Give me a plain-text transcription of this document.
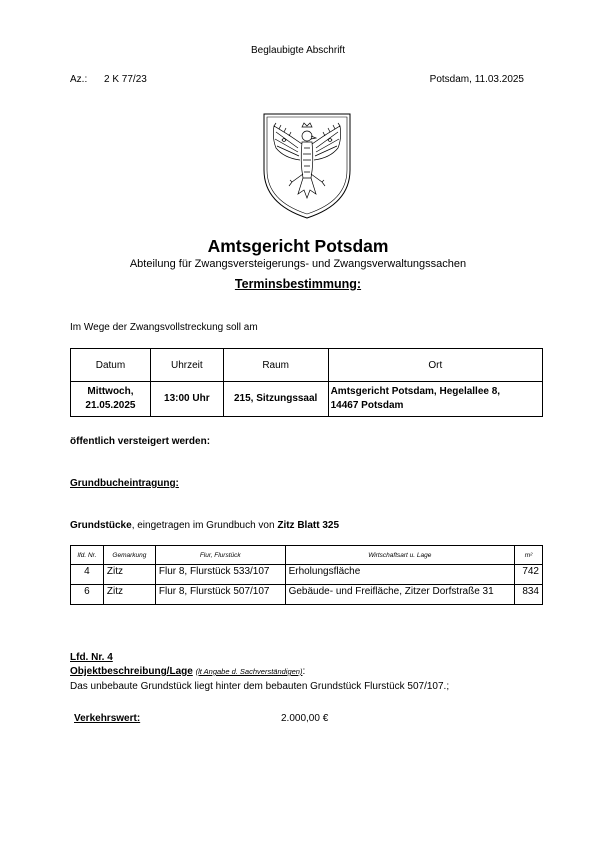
Beglaubigte Abschrift
Az.: 2 K 77/23	Potsdam, 11.03.2025
Amtsgericht Potsdam
Abteilung für Zwangsversteigerungs- und Zwangsverwaltungssachen
Terminsbestimmung:
Im Wege der Zwangsvollstreckung soll am
Datum	Uhrzeit	Raum	Ort
Mittwoch,
21.05.2025	13:00 Uhr	215, Sitzungssaal	Amtsgericht Potsdam, Hegelallee 8,
14467 Potsdam
öffentlich versteigert werden:
Grundbucheintragung:
Grundstücke, eingetragen im Grundbuch von Zitz Blatt 325
lfd. Nr.	Gemarkung	Flur, Flurstück	Wirtschaftsart u. Lage	m²
4	Zitz	Flur 8, Flurstück 533/107	Erholungsfläche	742
6	Zitz	Flur 8, Flurstück 507/107	Gebäude- und Freifläche, Zitzer Dorfstraße 31	834
Lfd. Nr. 4
Objektbeschreibung/Lage (lt Angabe d. Sachverständigen):
Das unbebaute Grundstück liegt hinter dem bebauten Grundstück Flurstück 507/107.;
Verkehrswert:	2.000,00 €
